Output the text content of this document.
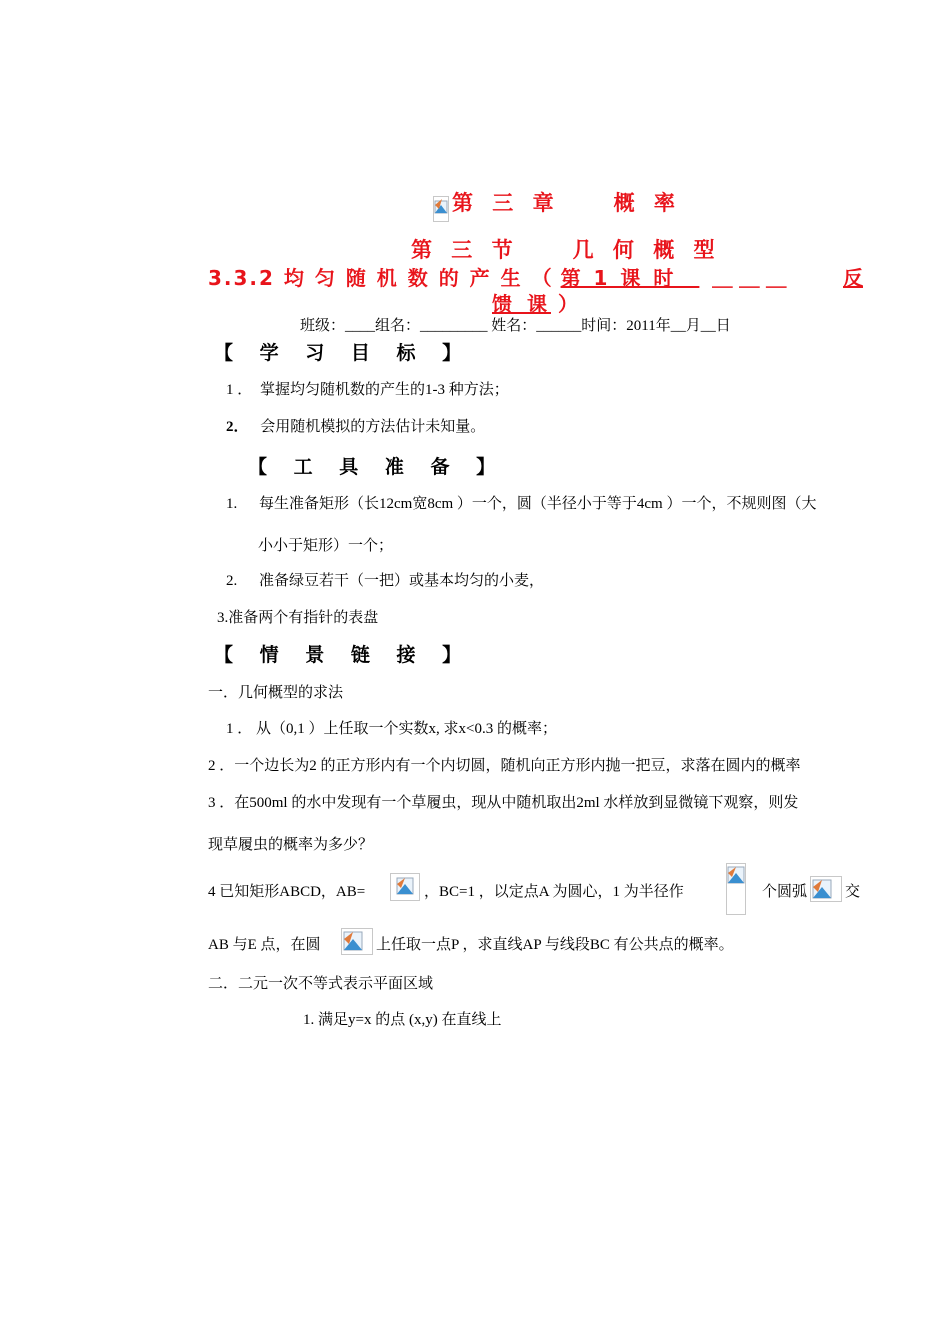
第 三 章　　概 率
第 三 节　　几 何 概 型
3.3.2 均 匀 随 机 数 的 产 生 （ 第 1 课 时　 ＿ ＿ ＿　 反
馈 课 ）
班级：____组名：_________ 姓名：______时间：2011年__月__日
【 学 习 目 标 】
1 ． 掌握均匀随机数的产生的1-3 种方法；
2． 会用随机模拟的方法估计未知量。
【 工 具 准 备 】
1. 每生准备矩形（长12cm宽8cm ）一个，圆（半径小于等于4cm ）一个，不规则图（大
小小于矩形）一个；
2. 准备绿豆若干（一把）或基本均匀的小麦，
3.准备两个有指针的表盘
【 情 景 链 接 】
一．几何概型的求法
1 ． 从（0,1 ）上任取一个实数x, 求x<0.3 的概率；
2 ．一个边长为2 的正方形内有一个内切圆，随机向正方形内抛一把豆，求落在圆内的概率
3 ．在500ml 的水中发现有一个草履虫，现从中随机取出2ml 水样放到显微镜下观察，则发
现草履虫的概率为多少？
4 已知矩形ABCD，AB=	，BC=1 ，以定点A 为圆心，1 为半径作	个圆弧	交
AB 与E 点，在圆	上任取一点P ，求直线AP 与线段BC 有公共点的概率。
二．二元一次不等式表示平面区域
1. 满足y=x 的点 (x,y) 在直线上
